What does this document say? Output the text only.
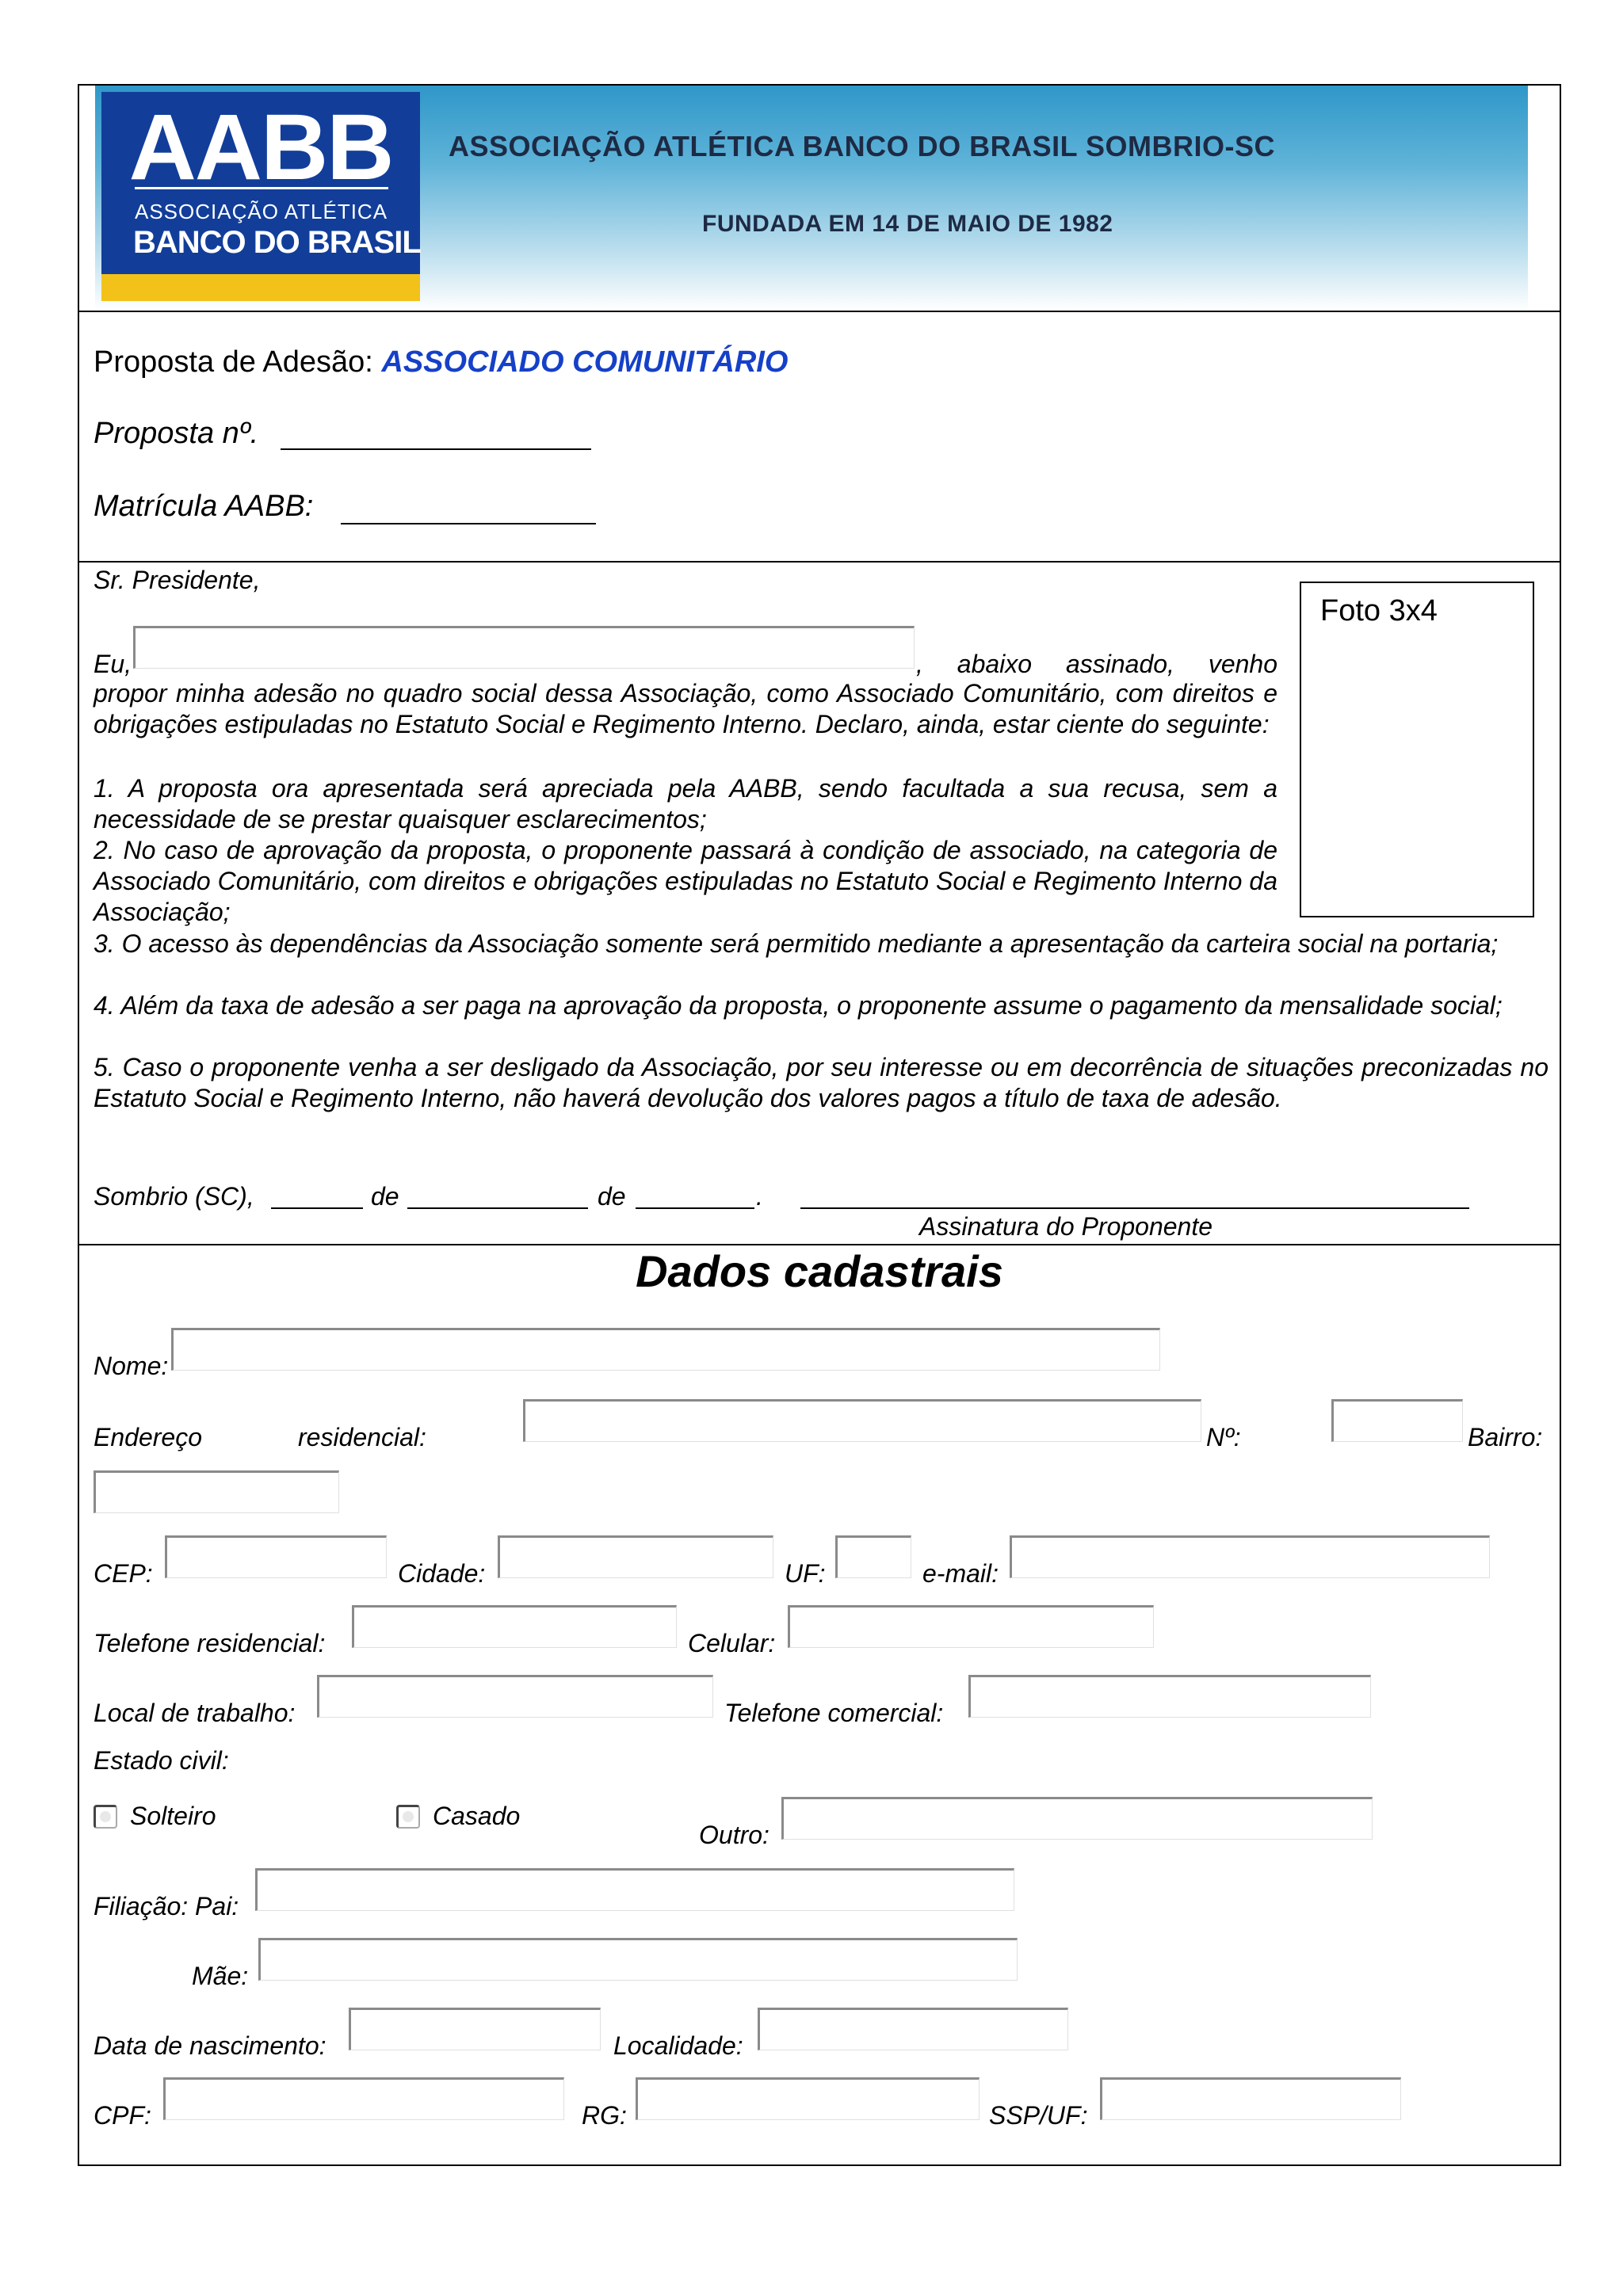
AABB
ASSOCIAÇÃO ATLÉTICA
BANCO DO BRASIL
ASSOCIAÇÃO ATLÉTICA BANCO DO BRASIL SOMBRIO-SC
FUNDADA EM 14 DE MAIO DE 1982
Proposta de Adesão: ASSOCIADO COMUNITÁRIO
Proposta nº.
Matrícula AABB:
Sr. Presidente,
Foto 3x4
Eu,	, abaixo assinado, venho
propor minha adesão no quadro social dessa Associação, como Associado Comunitário, com direitos e obrigações estipuladas no Estatuto Social e Regimento Interno. Declaro, ainda, estar ciente do seguinte:
1. A proposta ora apresentada será apreciada pela AABB, sendo facultada a sua recusa, sem a necessidade de se prestar quaisquer esclarecimentos;
2. No caso de aprovação da proposta, o proponente passará à condição de associado, na categoria de Associado Comunitário, com direitos e obrigações estipuladas no Estatuto Social e Regimento Interno da Associação;
3. O acesso às dependências da Associação somente será permitido mediante a apresentação da carteira social na portaria;
4. Além da taxa de adesão a ser paga na aprovação da proposta, o proponente assume o pagamento da mensalidade social;
5. Caso o proponente venha a ser desligado da Associação, por seu interesse ou em decorrência de situações preconizadas no Estatuto Social e Regimento Interno, não haverá devolução dos valores pagos a título de taxa de adesão.
Sombrio (SC),	de	de	.
Assinatura do Proponente
Dados cadastrais
Nome:
Endereço	residencial:	Nº:	Bairro:
CEP:	Cidade:	UF:	e-mail:
Telefone residencial:	Celular:
Local de trabalho:	Telefone comercial:
Estado civil:
Solteiro	Casado
Outro:
Filiação: Pai:
Mãe:
Data de nascimento:	Localidade:
CPF:	RG:	SSP/UF:
